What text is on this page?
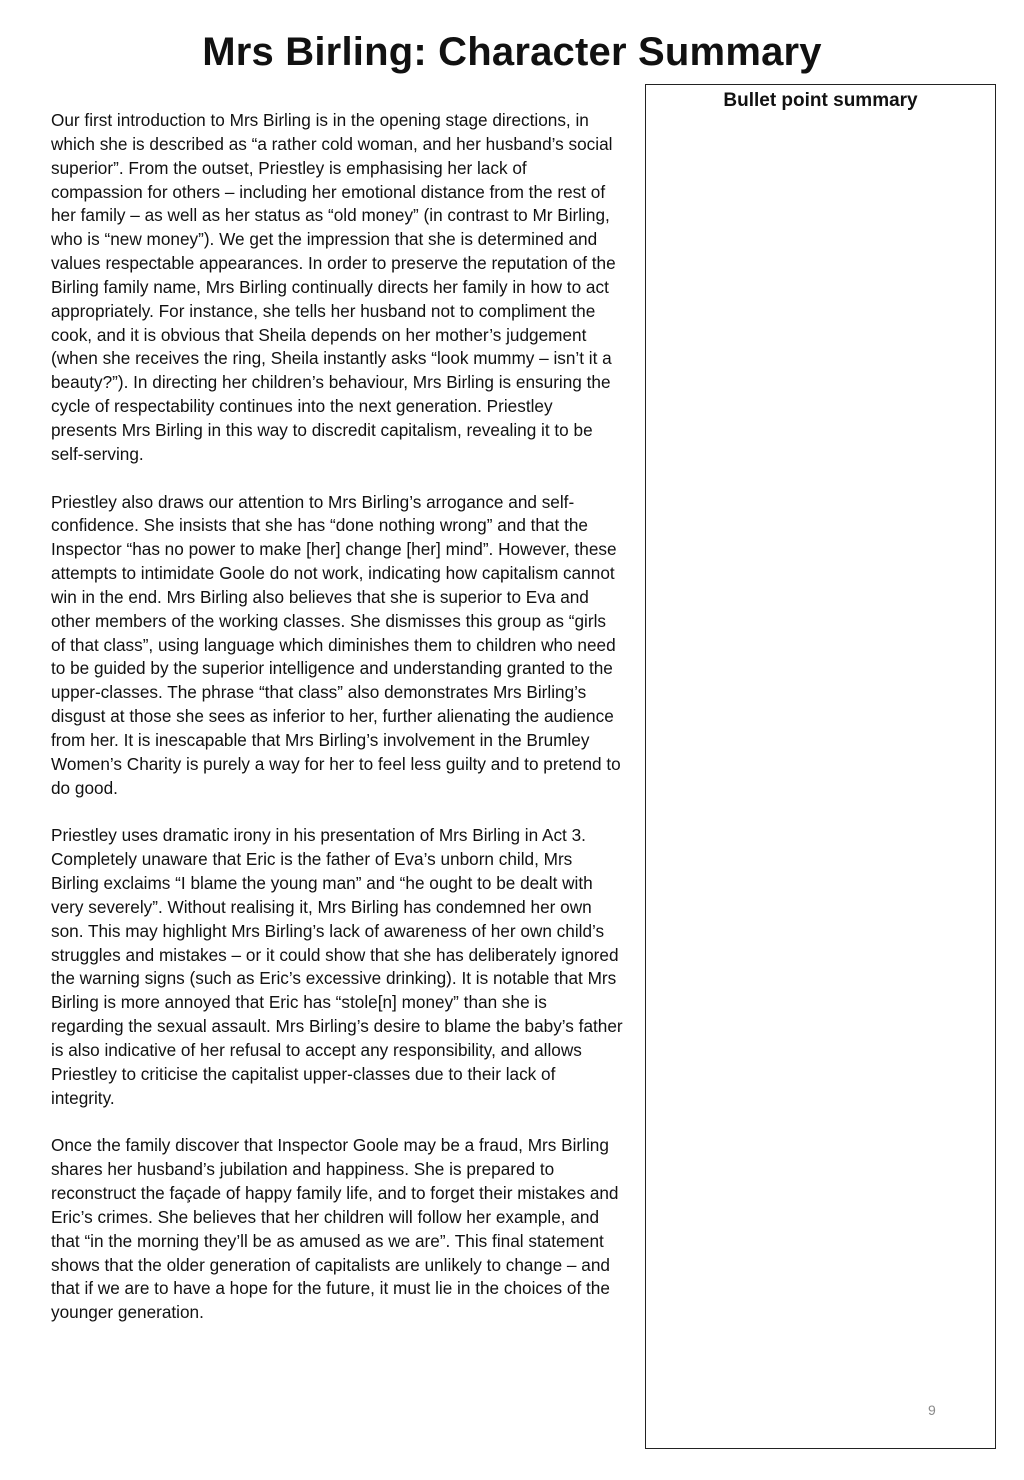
Mrs Birling: Character Summary

Our first introduction to Mrs Birling is in the opening stage directions, in which she is described as “a rather cold woman, and her husband’s social superior”. From the outset, Priestley is emphasising her lack of compassion for others – including her emotional distance from the rest of her family – as well as her status as “old money” (in contrast to Mr Birling, who is “new money”). We get the impression that she is determined and values respectable appearances. In order to preserve the reputation of the Birling family name, Mrs Birling continually directs her family in how to act appropriately. For instance, she tells her husband not to compliment the cook, and it is obvious that Sheila depends on her mother’s judgement (when she receives the ring, Sheila instantly asks “look mummy – isn’t it a beauty?”). In directing her children’s behaviour, Mrs Birling is ensuring the cycle of respectability continues into the next generation. Priestley presents Mrs Birling in this way to discredit capitalism, revealing it to be self-serving.

Priestley also draws our attention to Mrs Birling’s arrogance and self-confidence. She insists that she has “done nothing wrong” and that the Inspector “has no power to make [her] change [her] mind”. However, these attempts to intimidate Goole do not work, indicating how capitalism cannot win in the end. Mrs Birling also believes that she is superior to Eva and other members of the working classes. She dismisses this group as “girls of that class”, using language which diminishes them to children who need to be guided by the superior intelligence and understanding granted to the upper-classes. The phrase “that class” also demonstrates Mrs Birling’s disgust at those she sees as inferior to her, further alienating the audience from her. It is inescapable that Mrs Birling’s involvement in the Brumley Women’s Charity is purely a way for her to feel less guilty and to pretend to do good.

Priestley uses dramatic irony in his presentation of Mrs Birling in Act 3. Completely unaware that Eric is the father of Eva’s unborn child, Mrs Birling exclaims “I blame the young man” and “he ought to be dealt with very severely”. Without realising it, Mrs Birling has condemned her own son. This may highlight Mrs Birling’s lack of awareness of her own child’s struggles and mistakes – or it could show that she has deliberately ignored the warning signs (such as Eric’s excessive drinking). It is notable that Mrs Birling is more annoyed that Eric has “stole[n] money” than she is regarding the sexual assault. Mrs Birling’s desire to blame the baby’s father is also indicative of her refusal to accept any responsibility, and allows Priestley to criticise the capitalist upper-classes due to their lack of integrity.

Once the family discover that Inspector Goole may be a fraud, Mrs Birling shares her husband’s jubilation and happiness. She is prepared to reconstruct the façade of happy family life, and to forget their mistakes and Eric’s crimes. She believes that her children will follow her example, and that “in the morning they’ll be as amused as we are”. This final statement shows that the older generation of capitalists are unlikely to change – and that if we are to have a hope for the future, it must lie in the choices of the younger generation.

Bullet point summary
9
